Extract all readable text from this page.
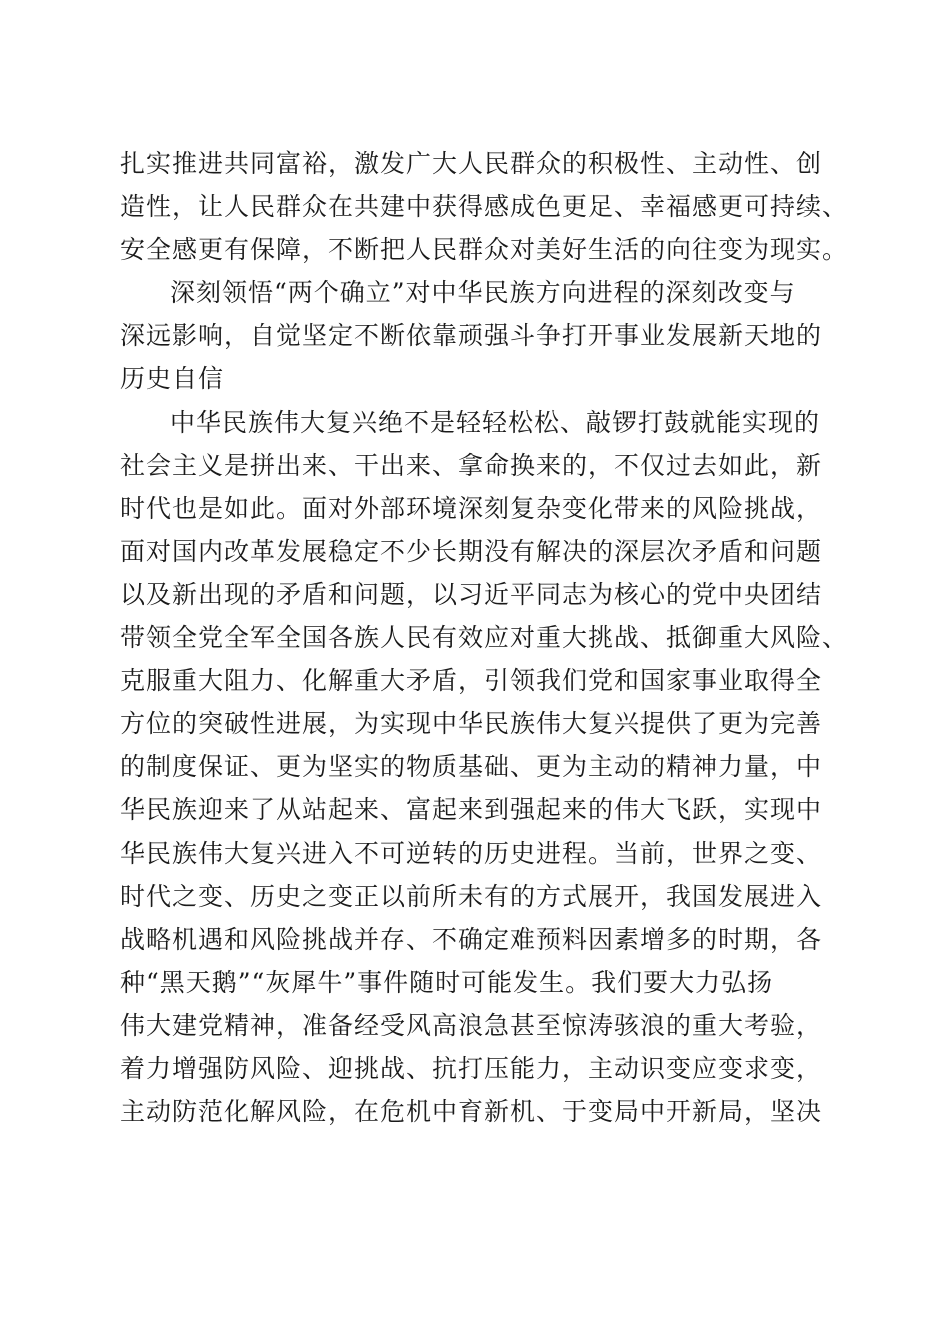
扎实推进共同富裕，激发广大人民群众的积极性、主动性、创
造性，让人民群众在共建中获得感成色更足、幸福感更可持续、
安全感更有保障，不断把人民群众对美好生活的向往变为现实。
深刻领悟“两个确立”对中华民族方向进程的深刻改变与
深远影响，自觉坚定不断依靠顽强斗争打开事业发展新天地的
历史自信
中华民族伟大复兴绝不是轻轻松松、敲锣打鼓就能实现的
社会主义是拼出来、干出来、拿命换来的，不仅过去如此，新
时代也是如此。面对外部环境深刻复杂变化带来的风险挑战，
面对国内改革发展稳定不少长期没有解决的深层次矛盾和问题
以及新出现的矛盾和问题，以习近平同志为核心的党中央团结
带领全党全军全国各族人民有效应对重大挑战、抵御重大风险、
克服重大阻力、化解重大矛盾，引领我们党和国家事业取得全
方位的突破性进展，为实现中华民族伟大复兴提供了更为完善
的制度保证、更为坚实的物质基础、更为主动的精神力量，中
华民族迎来了从站起来、富起来到强起来的伟大飞跃，实现中
华民族伟大复兴进入不可逆转的历史进程。当前，世界之变、
时代之变、历史之变正以前所未有的方式展开，我国发展进入
战略机遇和风险挑战并存、不确定难预料因素增多的时期，各
种“黑天鹅”“灰犀牛”事件随时可能发生。我们要大力弘扬
伟大建党精神，准备经受风高浪急甚至惊涛骇浪的重大考验，
着力增强防风险、迎挑战、抗打压能力，主动识变应变求变，
主动防范化解风险，在危机中育新机、于变局中开新局，坚决
